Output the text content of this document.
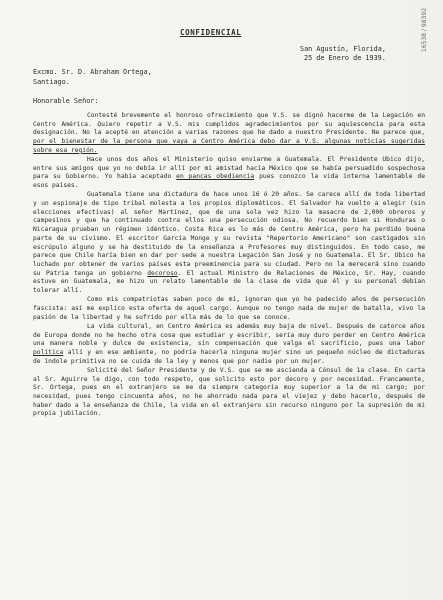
16538 / 98392
CONFIDENCIAL
San Agustín, Florida,
25 de Enero de 1939.
Excmo. Sr. D. Abraham Ortega,
Santiago.
Honorable Señor:

Contesté brevemente el honroso ofrecimiento que V.S. se dignó hacerme de la Legación en Centro América. Quiero repetir a V.S. mis cumplidos agradecimientos por su aquiescencia para esta designación. No la acepté en atención a varias razones que he dado a nuestro Presidente. Ne parece que, por el bienestar de la persona que vaya a Centro América debo dar a V.S. algunas noticias sugeridas sobre esa región.

Hace unos dos años el Ministerio quiso enviarme a Guatemala. El Presidente Ubico dijo, entre sus amigos que yo no debía ir allí por mi amistad hacia México que se había persuadido sospechosa para su Gobierno. Yo había aceptado en pancas obediencia pues conozco la vida interna lamentable de esos países.

Guatemala tiene una dictadura de hace unos 16 ó 20 años. Se carece allí de toda libertad y un espionaje de tipo tribal molesta a los propios diplomáticos. El Salvador ha vuelto a elegir (sin elecciones efectivas) al señor Martínez, que de una sola vez hizo la masacre de 2,000 obreros y campesinos y que ha continuado contra ellos una persecución odiosa. No recuerdo bien si Honduras o Nicaragua prueban un régimen idéntico. Costa Rica es lo más de Centro América, pero ha perdido buena parte de su civismo. El escritor García Monge y su revista "Repertorio Americano" son castigados sin escrúpulo alguno y se ha destituido de la enseñanza a Profesores muy distinguidos. En todo caso, me parece que Chile haría bien en dar por sede a nuestra Legación San José y no Guatemala. El Sr. Ubico ha luchado por obtener de varios países esta preeminencia para su ciudad. Pero no la merecerá sino cuando su Patria tenga un gobierno decoroso. El actual Ministro de Relaciones de México, Sr. Hay, cuando estuve en Guatemala, me hizo un relato lamentable de la clase de vida que él y su personal debían tolerar allí.

Como mis compatriotas saben poco de mí, ignoran que yo he padecido años de persecución fascista: así me explico esta oferta de aquel cargo. Aunque no tengo nada de mujer de batalla, vivo la pasión de la libertad y he sufrido por ella más de lo que se conoce.

La vida cultural, en Centro América es además muy baja de nivel. Después de catorce años de Europa donde no he hecho otra cosa que estudiar y escribir, sería muy duro perder en Centro América una manera noble y dulce de existencia, sin compensación que valga el sacrificio, pues una labor política allí y en ese ambiente, no podría hacerla ninguna mujer sino un pequeño núcleo de dictaduras de índole primitiva no se cuida de la ley y menos que por nadie por un mujer.

Solicité del Señor Presidente y de V.S. que se me ascienda a Cónsul de 1a clase. En carta al Sr. Aguirre le digo, con todo respeto, que solicito esto por decoro y por necesidad. Francamente, Sr. Ortega, pues en el extranjero se me da siempre categoría muy superior a la de mi cargo; por necesidad, pues tengo cincuenta años, no he ahorrado nada para el viejez y debo hacerlo, después de haber dado a la enseñanza de Chile, la vida en el extranjero sin recurso ninguno por la supresión de mi propia jubilación.
